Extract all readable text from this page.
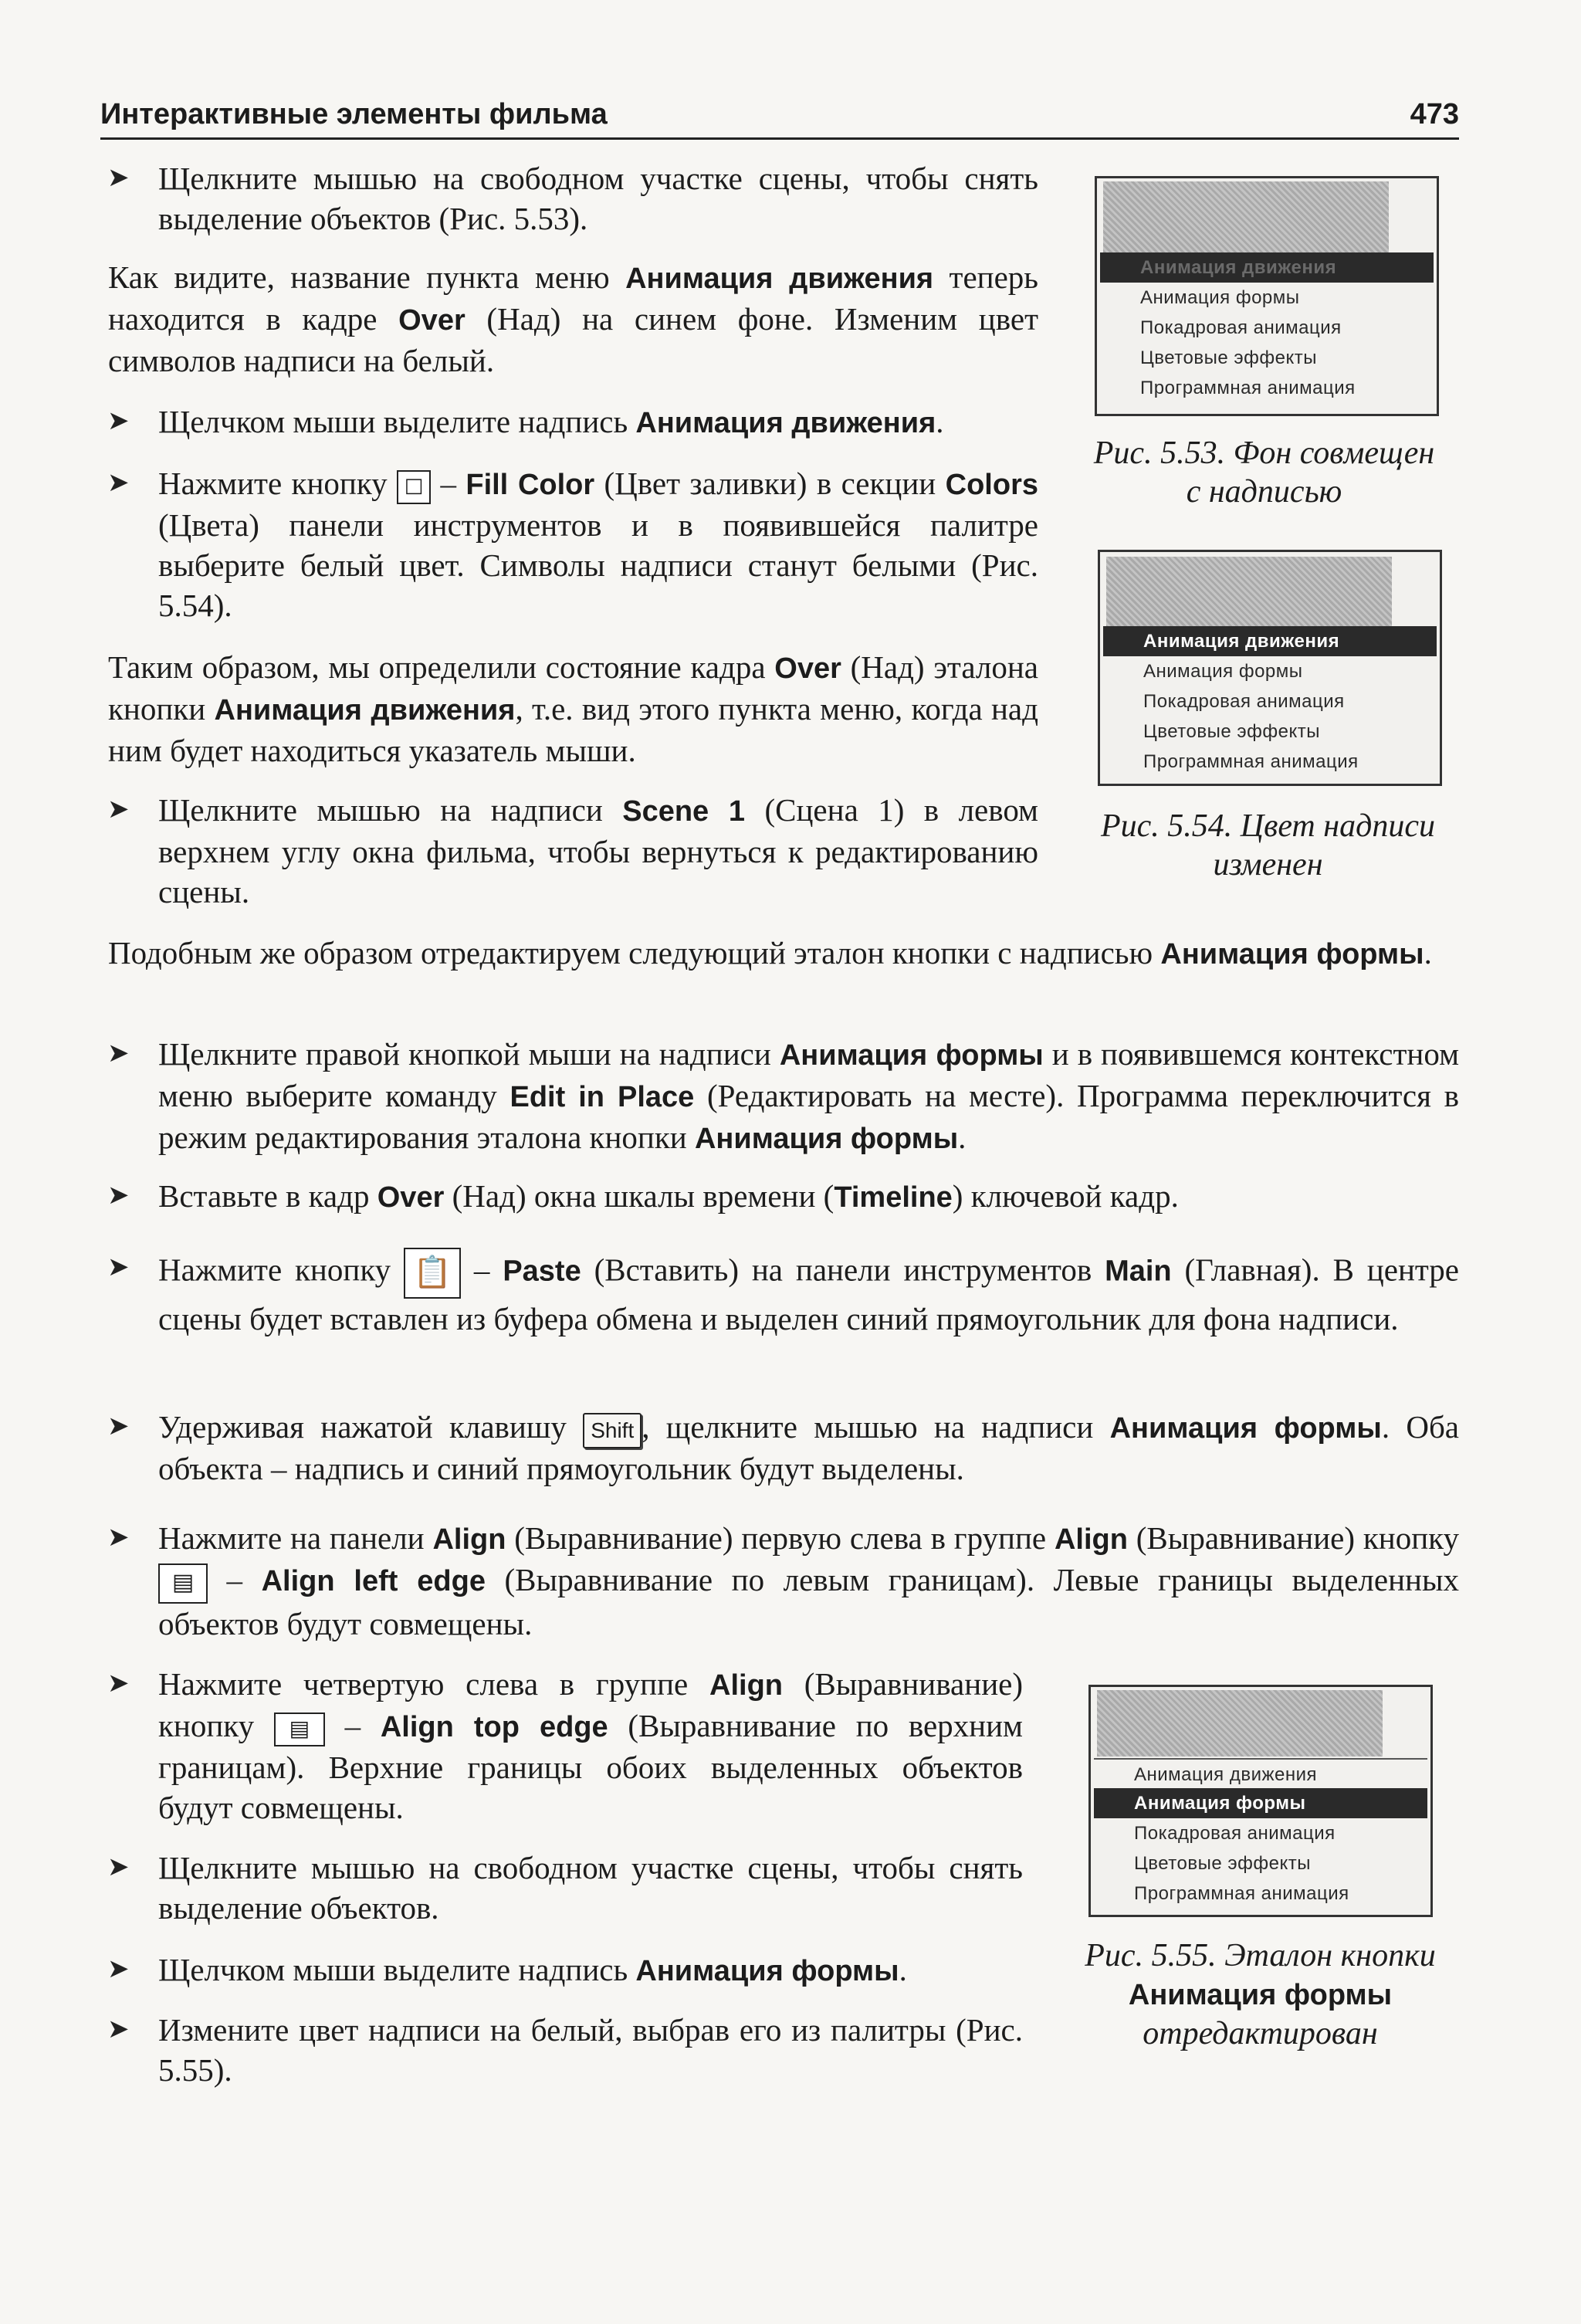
Интерактивные элементы фильма	473
➤ Щелкните мышью на свободном участке сцены, чтобы снять выделение объектов (Рис. 5.53).
Как видите, название пункта меню Анимация движения теперь находится в кадре Over (Над) на синем фоне. Изменим цвет символов надписи на белый.
➤ Щелчком мыши выделите надпись Анимация движения.
➤ Нажмите кнопку □ – Fill Color (Цвет заливки) в секции Colors (Цвета) панели инструментов и в появившейся палитре выберите белый цвет. Символы надписи станут белыми (Рис. 5.54).
Таким образом, мы определили состояние кадра Over (Над) эталона кнопки Анимация движения, т.е. вид этого пункта меню, когда над ним будет находиться указатель мыши.
➤ Щелкните мышью на надписи Scene 1 (Сцена 1) в левом верхнем углу окна фильма, чтобы вернуться к редактированию сцены.
Подобным же образом отредактируем следующий эталон кнопки с надписью Анимация формы.
➤ Щелкните правой кнопкой мыши на надписи Анимация формы и в появившемся контекстном меню выберите команду Edit in Place (Редактировать на месте). Программа переключится в режим редактирования эталона кнопки Анимация формы.
➤ Вставьте в кадр Over (Над) окна шкалы времени (Timeline) ключевой кадр.
➤ Нажмите кнопку 📋 – Paste (Вставить) на панели инструментов Main (Главная). В центре сцены будет вставлен из буфера обмена и выделен синий прямоугольник для фона надписи.
➤ Удерживая нажатой клавишу Shift , щелкните мышью на надписи Анимация формы. Оба объекта – надпись и синий прямоугольник будут выделены.
➤ Нажмите на панели Align (Выравнивание) первую слева в группе Align (Выравнивание) кнопку
▤ – Align left edge (Выравнивание по левым границам). Левые границы выделенных объектов будут совмещены.
➤ Нажмите четвертую слева в группе Align (Выравнивание) кнопку ▤ – Align top edge (Выравнивание по верхним границам). Верхние границы обоих выделенных объектов будут совмещены.
➤ Щелкните мышью на свободном участке сцены, чтобы снять выделение объектов.
➤ Щелчком мыши выделите надпись Анимация формы.
➤ Измените цвет надписи на белый, выбрав его из палитры (Рис. 5.55).
Анимация движения
Анимация формы
Покадровая анимация
Цветовые эффекты
Программная анимация
Рис. 5.53. Фон совмещен
с надписью
Анимация движения
Анимация формы
Покадровая анимация
Цветовые эффекты
Программная анимация
Рис. 5.54. Цвет надписи
изменен
Анимация движения
Анимация формы
Покадровая анимация
Цветовые эффекты
Программная анимация
Рис. 5.55. Эталон кнопки
Анимация формы
отредактирован
